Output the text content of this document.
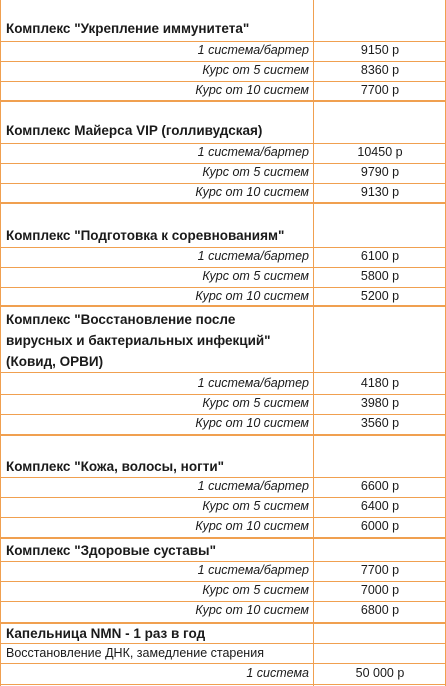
Комплекс "Укрепление иммунитета"
1 система/бартер	9150 р
Курс от 5 систем	8360 р
Курс от 10 систем	7700 р
Комплекс Майерса VIP (голливудская)
1 система/бартер	10450 р
Курс от 5 систем	9790 р
Курс от 10 систем	9130 р
Комплекс "Подготовка к соревнованиям"
1 система/бартер	6100 р
Курс от 5 систем	5800 р
Курс от 10 систем	5200 р
Комплекс "Восстановление после
вирусных и бактериальных инфекций"
(Ковид, ОРВИ)
1 система/бартер	4180 р
Курс от 5 систем	3980 р
Курс от 10 систем	3560 р
Комплекс "Кожа, волосы, ногти"
1 система/бартер	6600 р
Курс от 5 систем	6400 р
Курс от 10 систем	6000 р
Комплекс "Здоровые суставы"
1 система/бартер	7700 р
Курс от 5 систем	7000 р
Курс от 10 систем	6800 р
Капельница NMN - 1 раз в год
Восстановление ДНК, замедление старения
1 система	50 000 р
